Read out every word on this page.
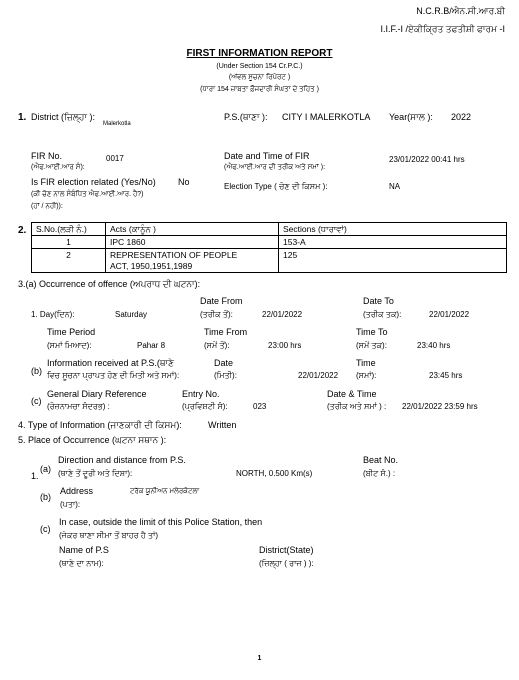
N.C.R.B/ਐਨ.ਸੀ.ਆਰ.ਬੀ
I.I.F.-I /ਏਕੀਕ੍ਰਿਤ ਤਫਤੀਸ਼ੀ ਫਾਰਮ -I
FIRST INFORMATION REPORT
(Under Section 154 Cr.P.C.)
(ਅੱਵਲ ਸੂਚਨਾ ਰਿਪੋਰਟ )
(ਧਾਰਾ 154 ਜ਼ਾਬਤਾ ਫ਼ੌਜਦਾਰੀ ਸੰਘਤਾ ਦੇ ਤਹਿਤ )
1. District (ਜ਼ਿਲ੍ਹਾ ):
Malerkotla
P.S.(ਥਾਣਾ ): CITY I MALERKOTLA Year(ਸਾਲ ): 2022
FIR No.
(ਐਫ.ਆਈ.ਆਰ ਸੰ):
0017	Date and Time of FIR
(ਐਫ.ਆਈ.ਆਰ ਦੀ ਤਰੀਕ ਅਤੇ ਸਮਾਂ ):
23/01/2022 00:41 hrs
Is FIR election related (Yes/No) No
(ਕੀ ਚੋਣ ਨਾਲ ਸੰਬੰਧਿਤ ਐਫ.ਆਈ.ਆਰ. ਹੈ?)
(ਹਾਂ / ਨਹੀਂ)):
Election Type ( ਚੋਣ ਦੀ ਕਿਸਮ ):	NA
2. S.No.(ਲੜੀ ਨੰ.)	Acts (ਕਾਨੂੰਨ )	Sections (ਧਾਰਾਵਾਂ)
1	IPC 1860	153-A
2	REPRESENTATION OF PEOPLE
ACT, 1950,1951,1989	125
3.(a) Occurrence of offence (ਅਪਰਾਧ ਦੀ ਘਟਨਾ):
Date From	Date To
1. Day(ਦਿਨ):	Saturday	(ਤਰੀਕ ਤੋਂ):	22/01/2022	(ਤਰੀਕ ਤਕ):	22/01/2022
Time Period	Time From	Time To
(ਸਮਾਂ ਮਿਆਦ):	Pahar 8	(ਸਮੇਂ ਤੋਂ):	23:00 hrs	(ਸਮੇਂ ਤਕ):	23:40 hrs
(b)
Information received at P.S.(ਥਾਣੇ
ਵਿਚ ਸੂਚਨਾ ਪ੍ਰਾਪਤ ਹੋਣ ਦੀ ਮਿਤੀ ਅਤੇ ਸਮਾਂ):
Date
(ਮਿਤੀ):	22/01/2022
Time
(ਸਮਾਂ):	23:45 hrs
(c)
General Diary Reference
(ਰੋਜ਼ਨਾਮਚਾ ਸੰਦਰਭ) :
Entry No.
(ਪ੍ਰਵਿਸ਼ਟੀ ਸੰ):	023
Date & Time
(ਤਰੀਕ ਅਤੇ ਸਮਾਂ ) : 22/01/2022 23:59 hrs
4. Type of Information (ਜਾਣਕਾਰੀ ਦੀ ਕਿਸਮ):	Written
5. Place of Occurrence (ਘਟਨਾ ਸਥਾਨ ):
1.
(a)
Direction and distance from P.S.
(ਥਾਣੇ ਤੋਂ ਦੂਰੀ ਅਤੇ ਦਿਸ਼ਾ):	NORTH, 0.500 Km(s)
Beat No.
(ਬੀਟ ਸੰ.) :
(b)
Address
(ਪਤਾ):
ਟਰੱਕ ਯੂਨੀਅਨ ਮਲੇਰਕੋਟਲਾ
(c)
In case, outside the limit of this Police Station, then
(ਜੇਕਰ ਥਾਣਾ ਸੀਮਾ ਤੋਂ ਬਾਹਰ ਹੈ ਤਾਂ)
Name of P.S
(ਥਾਣੇ ਦਾ ਨਾਮ):
District(State)
(ਜ਼ਿਲ੍ਹਾ ( ਰਾਜ ) ):
1
